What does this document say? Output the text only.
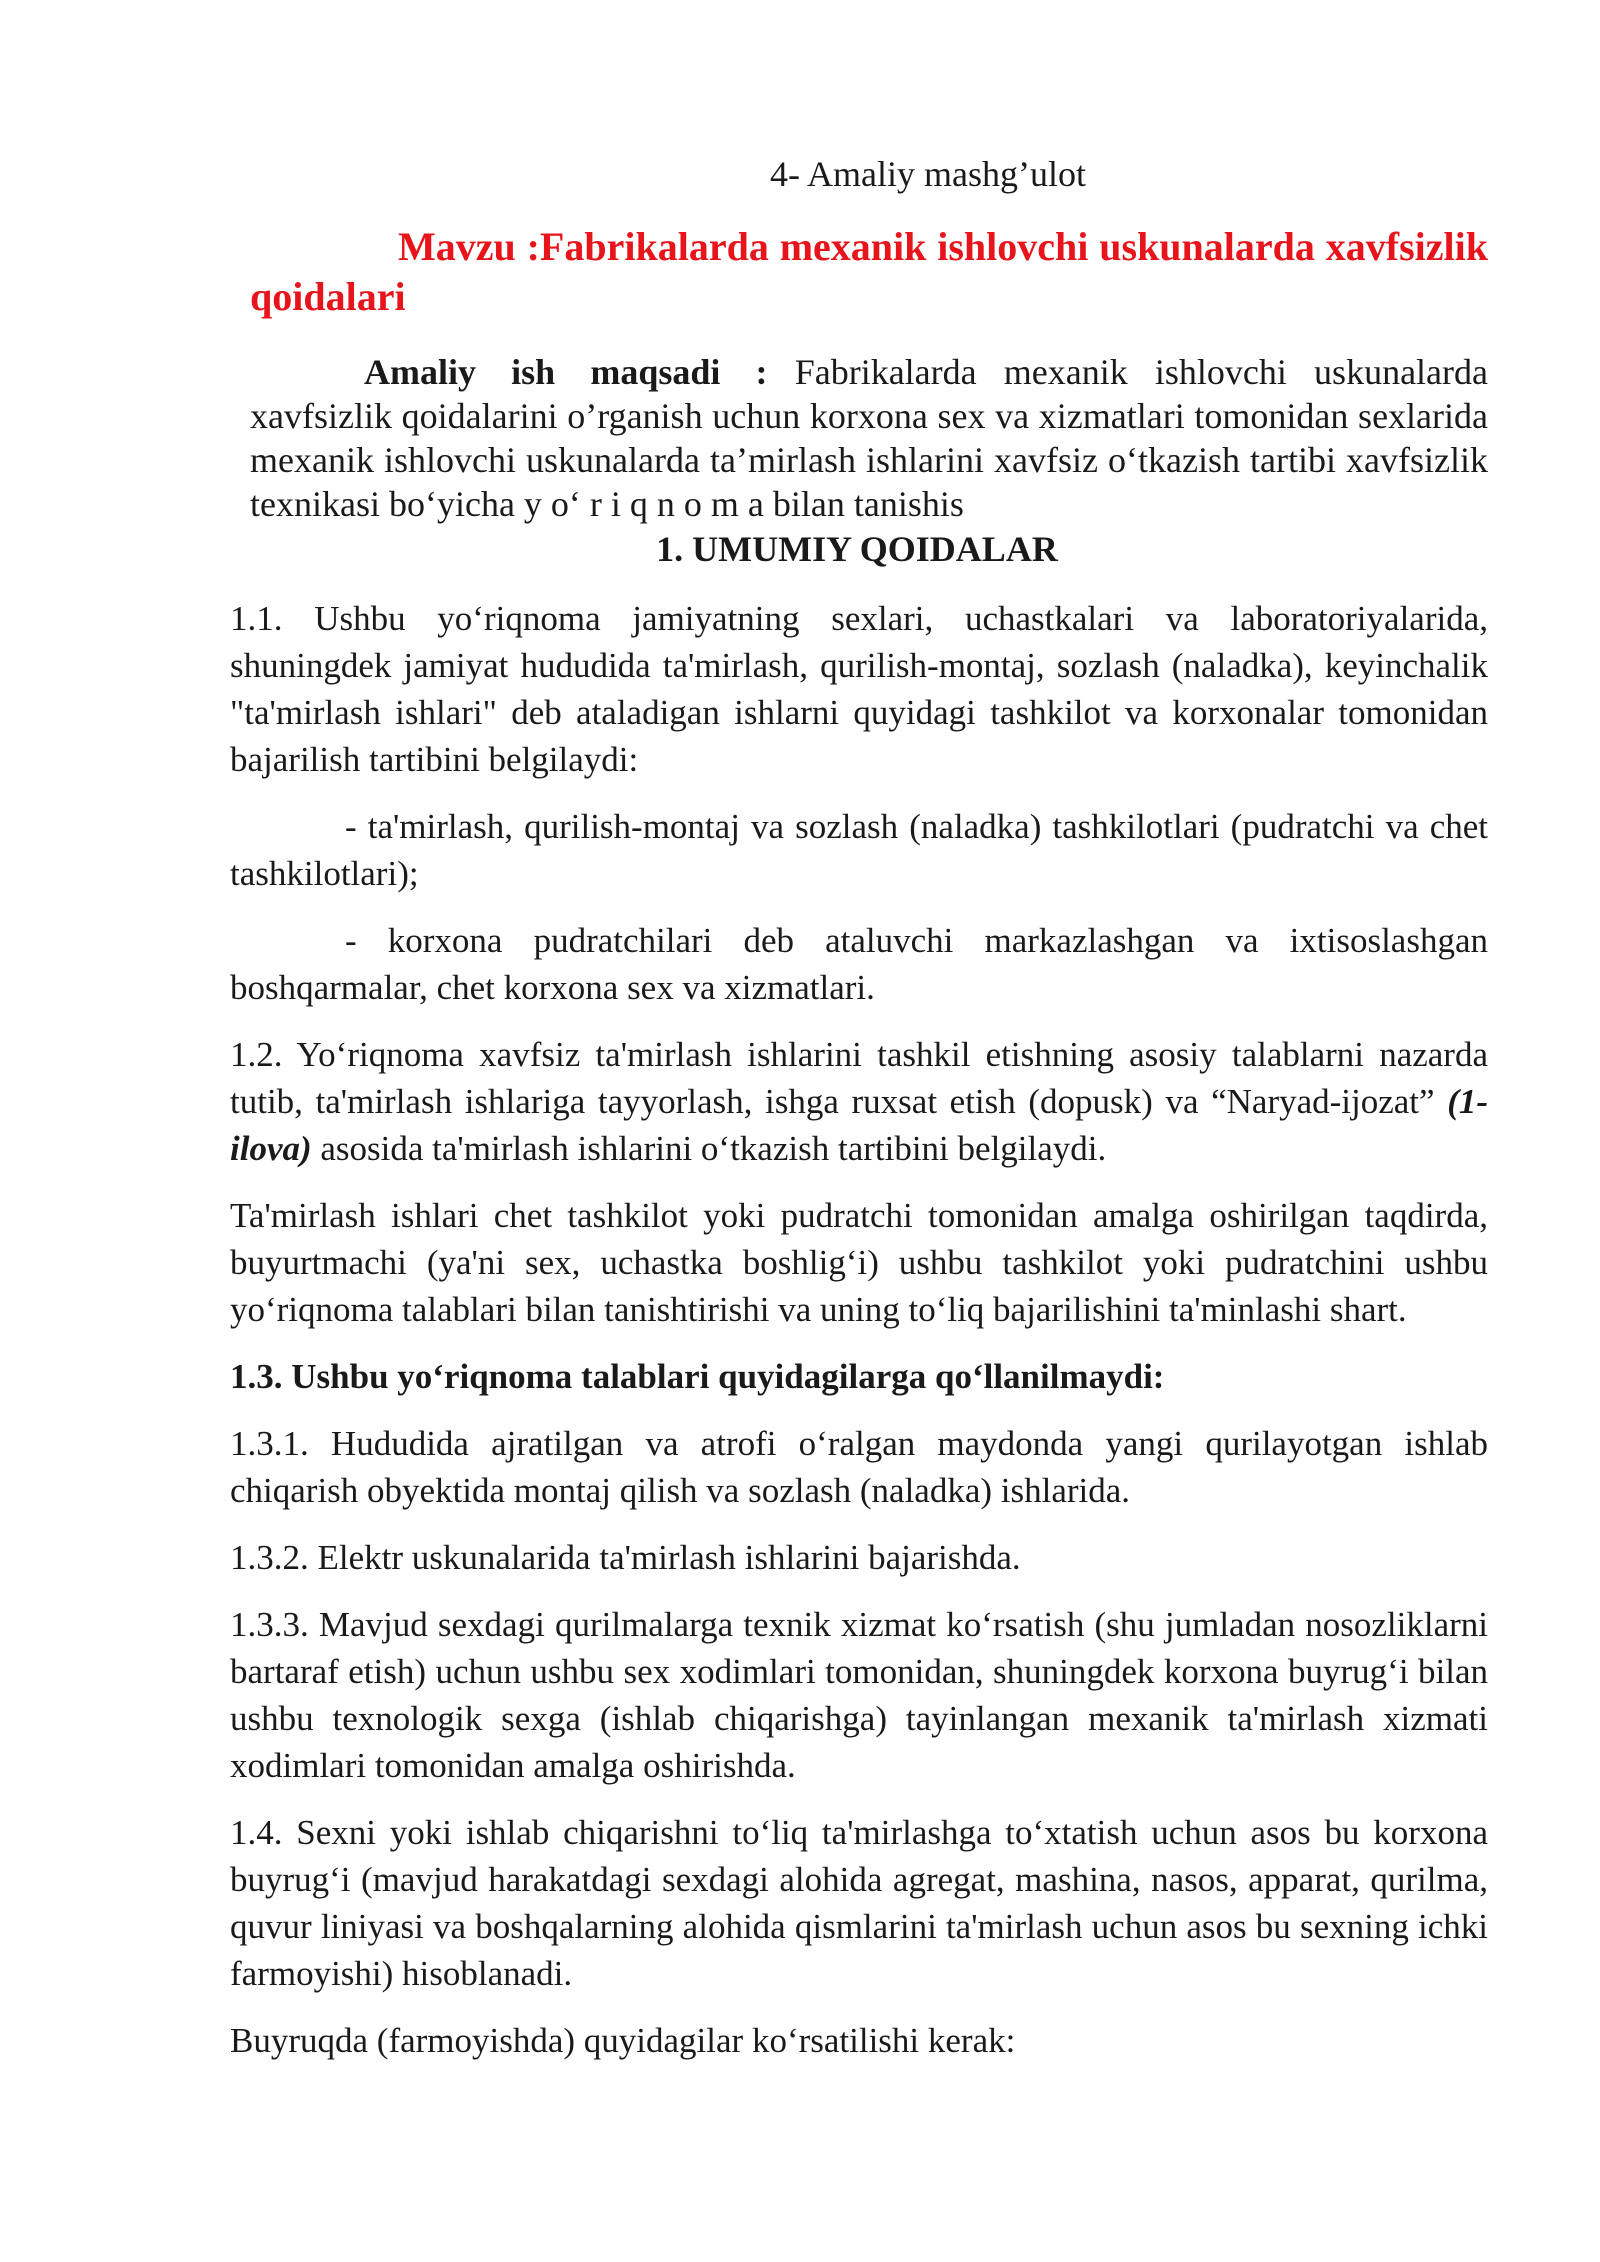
4- Amaliy mashg’ulot
Mavzu :Fabrikalarda mexanik ishlovchi uskunalarda xavfsizlik qoidalari
Amaliy ish maqsadi : Fabrikalarda mexanik ishlovchi uskunalarda xavfsizlik qoidalarini o’rganish uchun korxona sex va xizmatlari tomonidan sexlarida mexanik ishlovchi uskunalarda ta’mirlash ishlarini xavfsiz o‘tkazish tartibi xavfsizlik texnikasi bo‘yicha y o‘ r i q n o m a bilan tanishis
1. UMUMIY QOIDALAR

1.1. Ushbu yo‘riqnoma jamiyatning sexlari, uchastkalari va laboratoriyalarida, shuningdek jamiyat hududida ta'mirlash, qurilish-montaj, sozlash (naladka), keyinchalik "ta'mirlash ishlari" deb ataladigan ishlarni quyidagi tashkilot va korxonalar tomonidan bajarilish tartibini belgilaydi:

- ta'mirlash, qurilish-montaj va sozlash (naladka) tashkilotlari (pudratchi va chet tashkilotlari);

- korxona pudratchilari deb ataluvchi markazlashgan va ixtisoslashgan boshqarmalar, chet korxona sex va xizmatlari.

1.2. Yo‘riqnoma xavfsiz ta'mirlash ishlarini tashkil etishning asosiy talablarni nazarda tutib, ta'mirlash ishlariga tayyorlash, ishga ruxsat etish (dopusk) va “Naryad-ijozat” (1-ilova) asosida ta'mirlash ishlarini o‘tkazish tartibini belgilaydi.

Ta'mirlash ishlari chet tashkilot yoki pudratchi tomonidan amalga oshirilgan taqdirda, buyurtmachi (ya'ni sex, uchastka boshlig‘i) ushbu tashkilot yoki pudratchini ushbu yo‘riqnoma talablari bilan tanishtirishi va uning to‘liq bajarilishini ta'minlashi shart.

1.3. Ushbu yo‘riqnoma talablari quyidagilarga qo‘llanilmaydi:

1.3.1. Hududida ajratilgan va atrofi o‘ralgan maydonda yangi qurilayotgan ishlab chiqarish obyektida montaj qilish va sozlash (naladka) ishlarida.

1.3.2. Elektr uskunalarida ta'mirlash ishlarini bajarishda.

1.3.3. Mavjud sexdagi qurilmalarga texnik xizmat ko‘rsatish (shu jumladan nosozliklarni bartaraf etish) uchun ushbu sex xodimlari tomonidan, shuningdek korxona buyrug‘i bilan ushbu texnologik sexga (ishlab chiqarishga) tayinlangan mexanik ta'mirlash xizmati xodimlari tomonidan amalga oshirishda.

1.4. Sexni yoki ishlab chiqarishni to‘liq ta'mirlashga to‘xtatish uchun asos bu korxona buyrug‘i (mavjud harakatdagi sexdagi alohida agregat, mashina, nasos, apparat, qurilma, quvur liniyasi va boshqalarning alohida qismlarini ta'mirlash uchun asos bu sexning ichki farmoyishi) hisoblanadi.

Buyruqda (farmoyishda) quyidagilar ko‘rsatilishi kerak:
